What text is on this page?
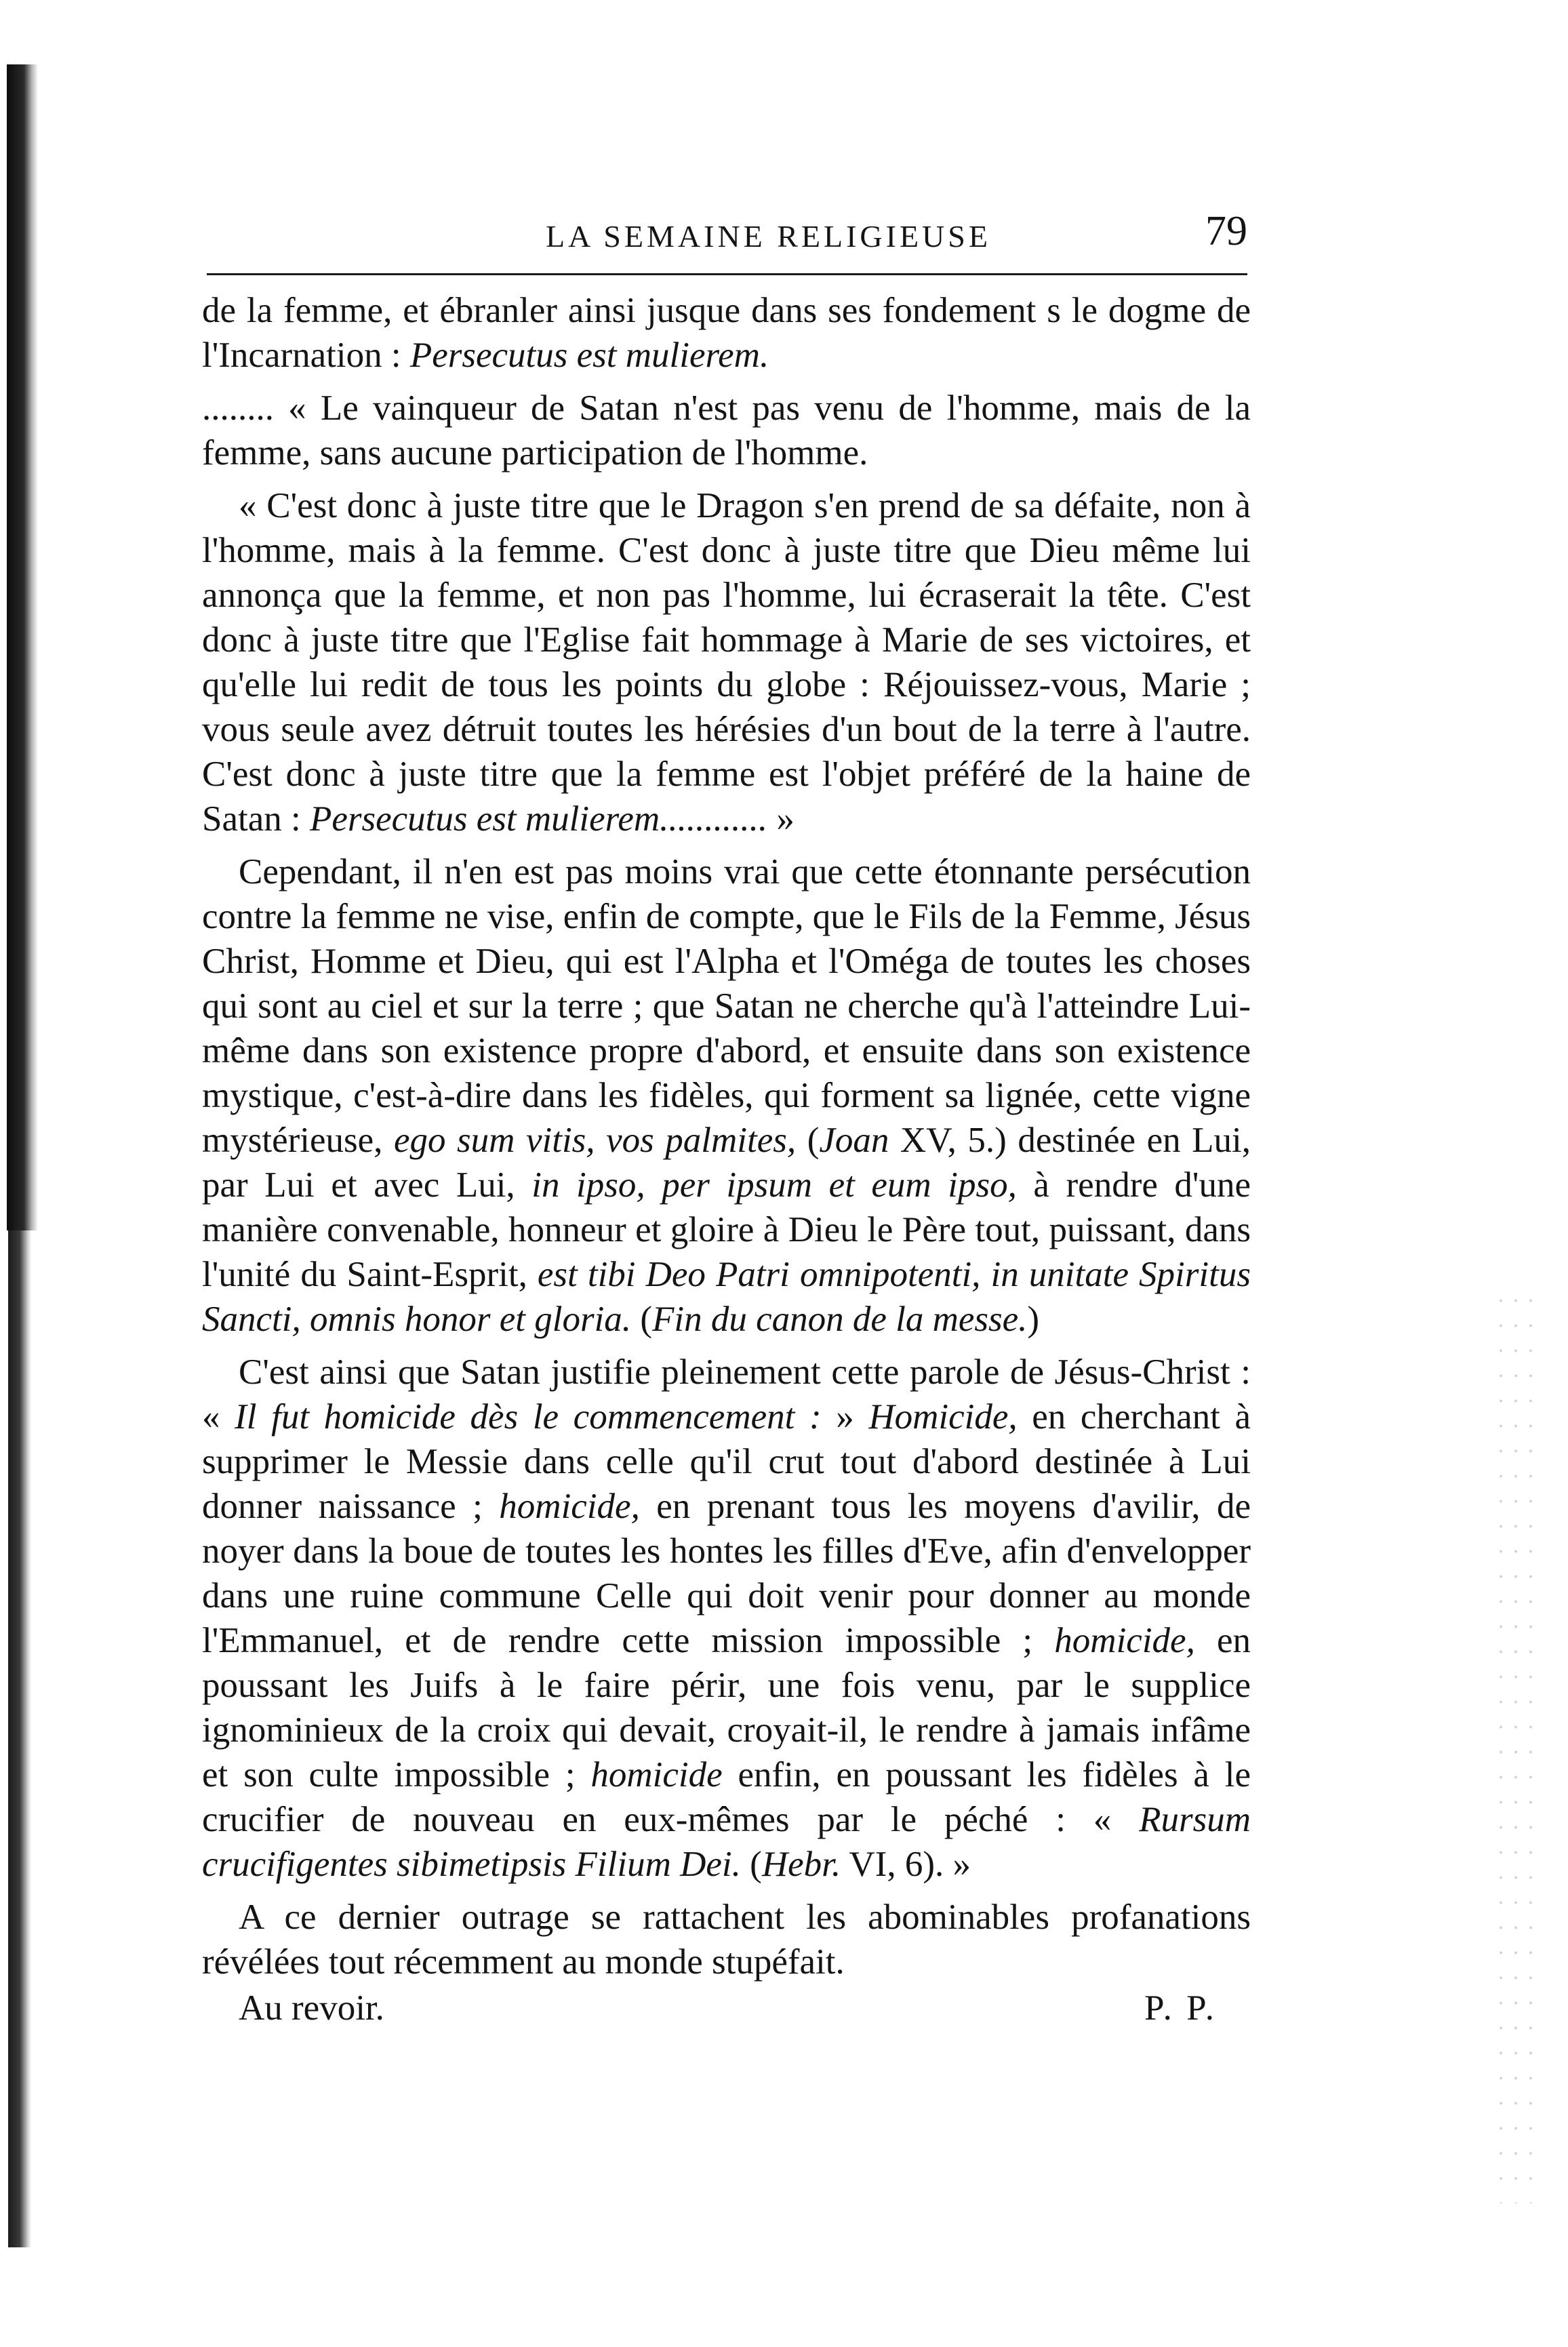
LA SEMAINE RELIGIEUSE	79

de la femme, et ébranler ainsi jusque dans ses fondement s le dogme de l'Incarnation : Persecutus est mulierem.

........ « Le vainqueur de Satan n'est pas venu de l'homme, mais de la femme, sans aucune participation de l'homme.

« C'est donc à juste titre que le Dragon s'en prend de sa défaite, non à l'homme, mais à la femme. C'est donc à juste titre que Dieu même lui annonça que la femme, et non pas l'homme, lui écraserait la tête. C'est donc à juste titre que l'Eglise fait hommage à Marie de ses victoires, et qu'elle lui redit de tous les points du globe : Réjouissez-vous, Marie ; vous seule avez détruit toutes les hérésies d'un bout de la terre à l'autre. C'est donc à juste titre que la femme est l'objet préféré de la haine de Satan : Persecutus est mulierem............ »

Cependant, il n'en est pas moins vrai que cette étonnante persécution contre la femme ne vise, enfin de compte, que le Fils de la Femme, Jésus Christ, Homme et Dieu, qui est l'Alpha et l'Oméga de toutes les choses qui sont au ciel et sur la terre ; que Satan ne cherche qu'à l'atteindre Lui-même dans son existence propre d'abord, et ensuite dans son existence mystique, c'est-à-dire dans les fidèles, qui forment sa lignée, cette vigne mystérieuse, ego sum vitis, vos palmites, (Joan XV, 5.) destinée en Lui, par Lui et avec Lui, in ipso, per ipsum et eum ipso, à rendre d'une manière convenable, honneur et gloire à Dieu le Père tout, puissant, dans l'unité du Saint-Esprit, est tibi Deo Patri omnipotenti, in unitate Spiritus Sancti, omnis honor et gloria. (Fin du canon de la messe.)

C'est ainsi que Satan justifie pleinement cette parole de Jésus-Christ : « Il fut homicide dès le commencement : » Homicide, en cherchant à supprimer le Messie dans celle qu'il crut tout d'abord destinée à Lui donner naissance ; homicide, en prenant tous les moyens d'avilir, de noyer dans la boue de toutes les hontes les filles d'Eve, afin d'envelopper dans une ruine commune Celle qui doit venir pour donner au monde l'Emmanuel, et de rendre cette mission impossible ; homicide, en poussant les Juifs à le faire périr, une fois venu, par le supplice ignominieux de la croix qui devait, croyait-il, le rendre à jamais infâme et son culte impossible ; homicide enfin, en poussant les fidèles à le crucifier de nouveau en eux-mêmes par le péché : « Rursum crucifigentes sibimetipsis Filium Dei. (Hebr. VI, 6). »

A ce dernier outrage se rattachent les abominables profanations révélées tout récemment au monde stupéfait.

Au revoir.	P. P.
